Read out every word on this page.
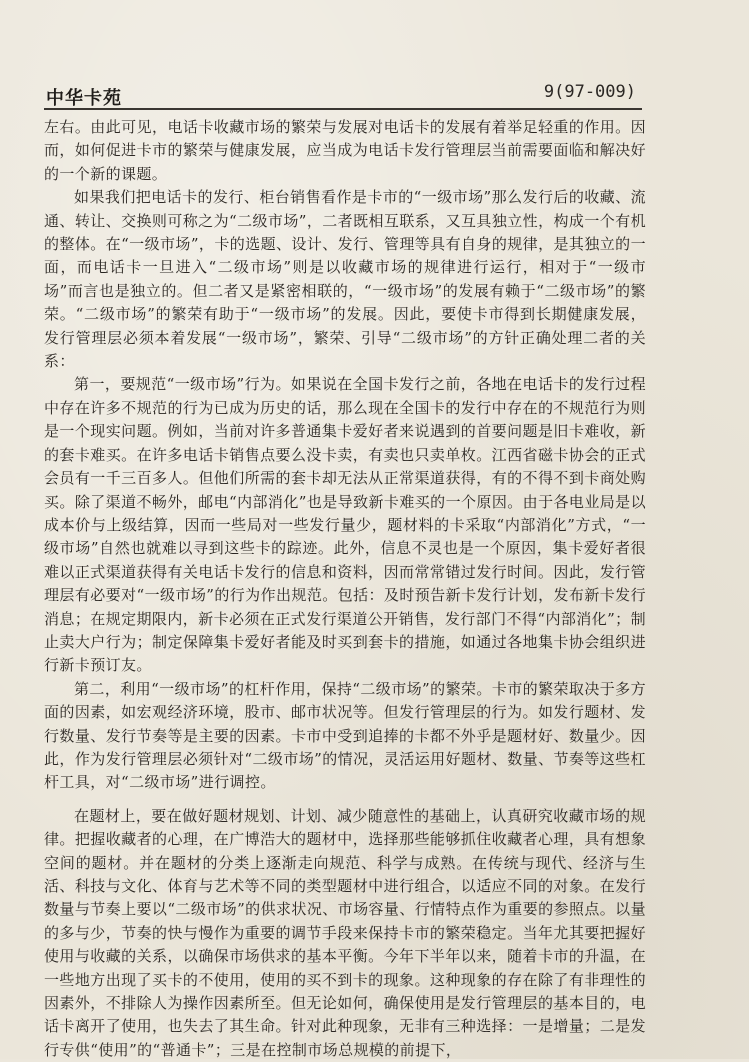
中华卡苑	9(97-009)

左右。由此可见，电话卡收藏市场的繁荣与发展对电话卡的发展有着举足轻重的作用。因而，如何促进卡市的繁荣与健康发展，应当成为电话卡发行管理层当前需要面临和解决好的一个新的课题。

如果我们把电话卡的发行、柜台销售看作是卡市的“一级市场”那么发行后的收藏、流通、转让、交换则可称之为“二级市场”，二者既相互联系，又互具独立性，构成一个有机的整体。在“一级市场”，卡的选题、设计、发行、管理等具有自身的规律，是其独立的一面，而电话卡一旦进入“二级市场”则是以收藏市场的规律进行运行，相对于“一级市场”而言也是独立的。但二者又是紧密相联的，“一级市场”的发展有赖于“二级市场”的繁荣。“二级市场”的繁荣有助于“一级市场”的发展。因此，要使卡市得到长期健康发展，发行管理层必须本着发展“一级市场”，繁荣、引导“二级市场”的方针正确处理二者的关系：

第一，要规范“一级市场”行为。如果说在全国卡发行之前，各地在电话卡的发行过程中存在许多不规范的行为已成为历史的话，那么现在全国卡的发行中存在的不规范行为则是一个现实问题。例如，当前对许多普通集卡爱好者来说遇到的首要问题是旧卡难收，新的套卡难买。在许多电话卡销售点要么没卡卖，有卖也只卖单枚。江西省磁卡协会的正式会员有一千三百多人。但他们所需的套卡却无法从正常渠道获得，有的不得不到卡商处购买。除了渠道不畅外，邮电“内部消化”也是导致新卡难买的一个原因。由于各电业局是以成本价与上级结算，因而一些局对一些发行量少，题材料的卡采取“内部消化”方式，“一级市场”自然也就难以寻到这些卡的踪迹。此外，信息不灵也是一个原因，集卡爱好者很难以正式渠道获得有关电话卡发行的信息和资料，因而常常错过发行时间。因此，发行管理层有必要对“一级市场”的行为作出规范。包括：及时预告新卡发行计划，发布新卡发行消息；在规定期限内，新卡必须在正式发行渠道公开销售，发行部门不得“内部消化”；制止卖大户行为；制定保障集卡爱好者能及时买到套卡的措施，如通过各地集卡协会组织进行新卡预订友。

第二，利用“一级市场”的杠杆作用，保持“二级市场”的繁荣。卡市的繁荣取决于多方面的因素，如宏观经济环境，股市、邮市状况等。但发行管理层的行为。如发行题材、发行数量、发行节奏等是主要的因素。卡市中受到追捧的卡都不外乎是题材好、数量少。因此，作为发行管理层必须针对“二级市场”的情况，灵活运用好题材、数量、节奏等这些杠杆工具，对“二级市场”进行调控。

在题材上，要在做好题材规划、计划、减少随意性的基础上，认真研究收藏市场的规律。把握收藏者的心理，在广博浩大的题材中，选择那些能够抓住收藏者心理，具有想象空间的题材。并在题材的分类上逐渐走向规范、科学与成熟。在传统与现代、经济与生活、科技与文化、体育与艺术等不同的类型题材中进行组合，以适应不同的对象。在发行数量与节奏上要以“二级市场”的供求状况、市场容量、行情特点作为重要的参照点。以量的多与少，节奏的快与慢作为重要的调节手段来保持卡市的繁荣稳定。当年尤其要把握好使用与收藏的关系，以确保市场供求的基本平衡。今年下半年以来，随着卡市的升温，在一些地方出现了买卡的不使用，使用的买不到卡的现象。这种现象的存在除了有非理性的因素外，不排除人为操作因素所至。但无论如何，确保使用是发行管理层的基本目的，电话卡离开了使用，也失去了其生命。针对此种现象，无非有三种选择：一是增量；二是发行专供“使用”的“普通卡”；三是在控制市场总规模的前提下，
